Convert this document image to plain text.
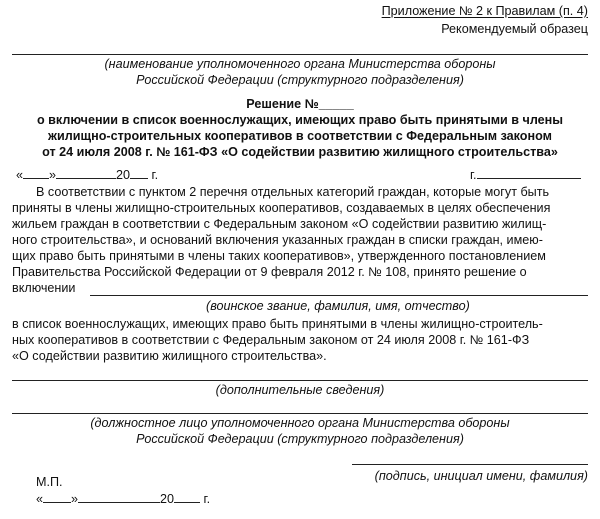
Приложение № 2 к Правилам (п. 4)
Рекомендуемый образец
(наименование уполномоченного органа Министерства обороны
Российской Федерации (структурного подразделения)
Решение №_____
о включении в список военнослужащих, имеющих право быть принятыми в члены
жилищно-строительных кооперативов в соответствии с Федеральным законом
от 24 июля 2008 г. № 161-ФЗ «О содействии развитию жилищного строительства»
« »	20 г.	г.
В соответствии с пунктом 2 перечня отдельных категорий граждан, которые могут быть
приняты в члены жилищно-строительных кооперативов, создаваемых в целях обеспечения
жильем граждан в соответствии с Федеральным законом «О содействии развитию жилищ-
ного строительства», и оснований включения указанных граждан в списки граждан, имею-
щих право быть принятыми в члены таких кооперативов», утвержденного постановлением
Правительства Российской Федерации от 9 февраля 2012 г. № 108, принято решение о
включении
(воинское звание, фамилия, имя, отчество)
в список военнослужащих, имеющих право быть принятыми в члены жилищно-строитель-
ных кооперативов в соответствии с Федеральным законом от 24 июля 2008 г. № 161-ФЗ
«О содействии развитию жилищного строительства».
(дополнительные сведения)
(должностное лицо уполномоченного органа Министерства обороны
Российской Федерации (структурного подразделения)
(подпись, инициал имени, фамилия)
М.П.
« »	20 г.
